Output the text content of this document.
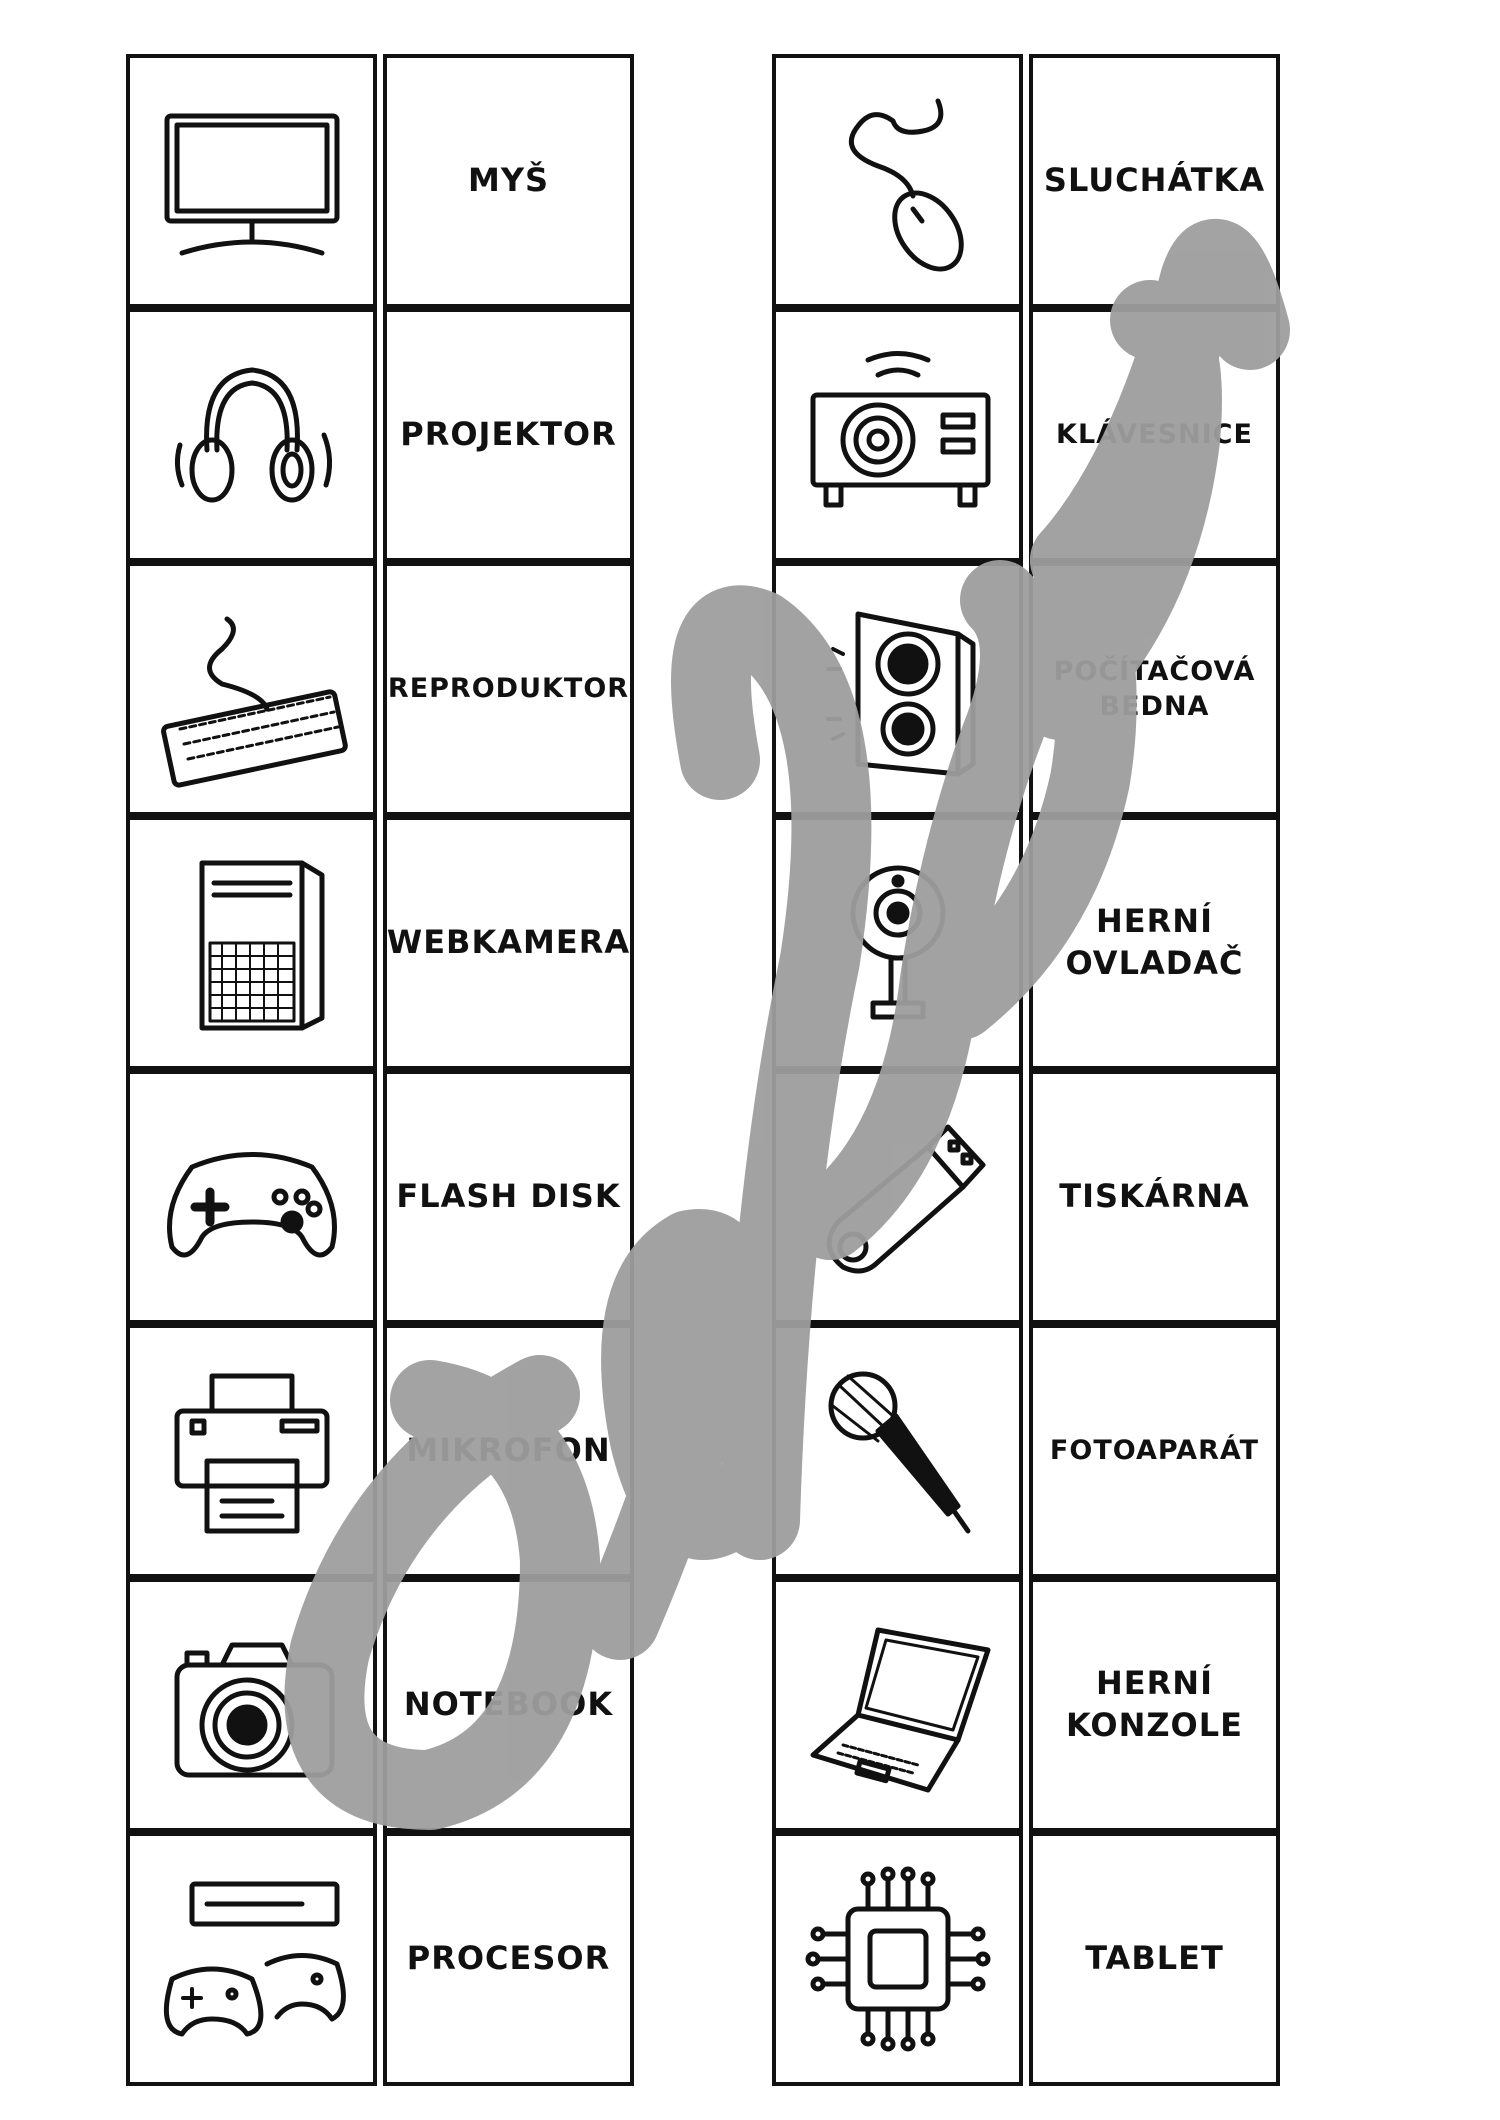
MYŠ
PROJEKTOR
REPRODUKTOR
WEBKAMERA
FLASH DISK
MIKROFON
NOTEBOOK
PROCESOR
SLUCHÁTKA
KLÁVESNICE
POČÍTAČOVÁ
BEDNA
HERNÍ
OVLADAČ
TISKÁRNA
FOTOAPARÁT
HERNÍ
KONZOLE
TABLET
